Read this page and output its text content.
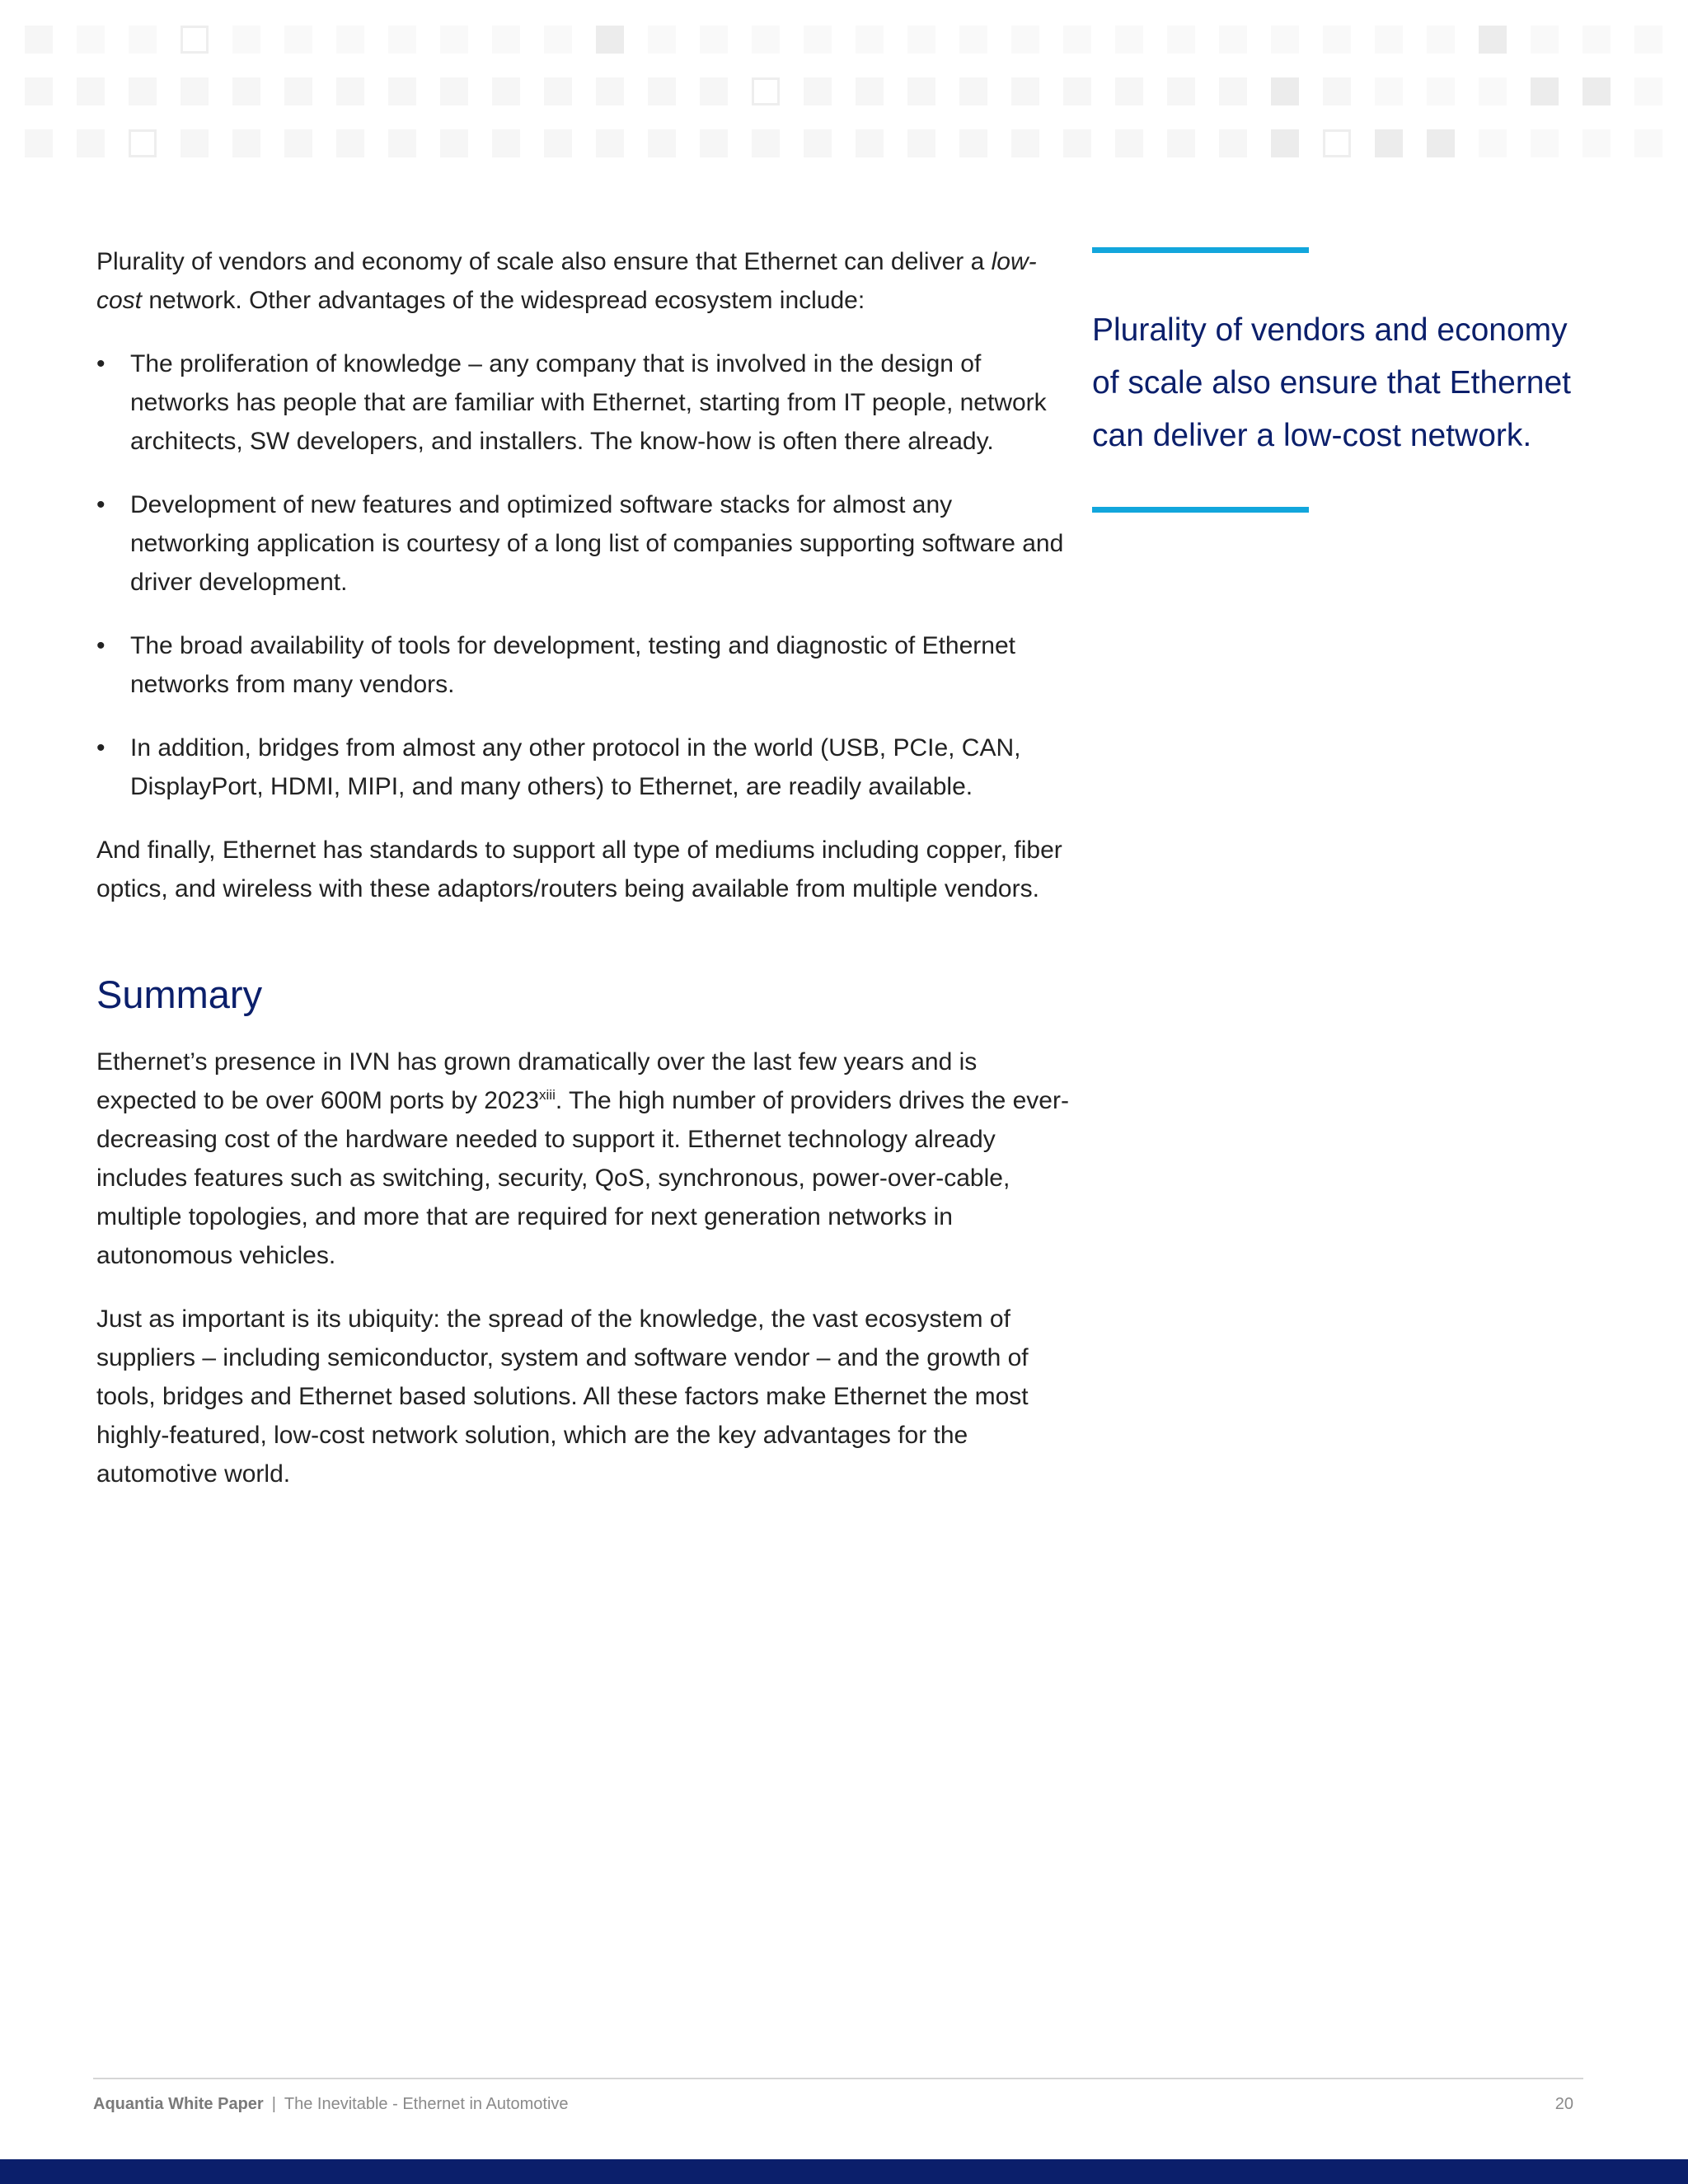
Plurality of vendors and economy of scale also ensure that Ethernet can deliver a low-cost network. Other advantages of the widespread ecosystem include:

• The proliferation of knowledge – any company that is involved in the design of networks has people that are familiar with Ethernet, starting from IT people, network architects, SW developers, and installers. The know-how is often there already.
• Development of new features and optimized software stacks for almost any networking application is courtesy of a long list of companies supporting software and driver development.
• The broad availability of tools for development, testing and diagnostic of Ethernet networks from many vendors.
• In addition, bridges from almost any other protocol in the world (USB, PCIe, CAN, DisplayPort, HDMI, MIPI, and many others) to Ethernet, are readily available.

And finally, Ethernet has standards to support all type of mediums including copper, fiber optics, and wireless with these adaptors/routers being available from multiple vendors.

Summary

Ethernet’s presence in IVN has grown dramatically over the last few years and is expected to be over 600M ports by 2023$^{xiii}$. The high number of providers drives the ever-decreasing cost of the hardware needed to support it. Ethernet technology already includes features such as switching, security, QoS, synchronous, power-over-cable, multiple topologies, and more that are required for next generation networks in autonomous vehicles.

Just as important is its ubiquity: the spread of the knowledge, the vast ecosystem of suppliers – including semiconductor, system and software vendor – and the growth of tools, bridges and Ethernet based solutions. All these factors make Ethernet the most highly-featured, low-cost network solution, which are the key advantages for the automotive world.

Plurality of vendors and economy of scale also ensure that Ethernet can deliver a low-cost network.
Aquantia White Paper | The Inevitable - Ethernet in Automotive	20
